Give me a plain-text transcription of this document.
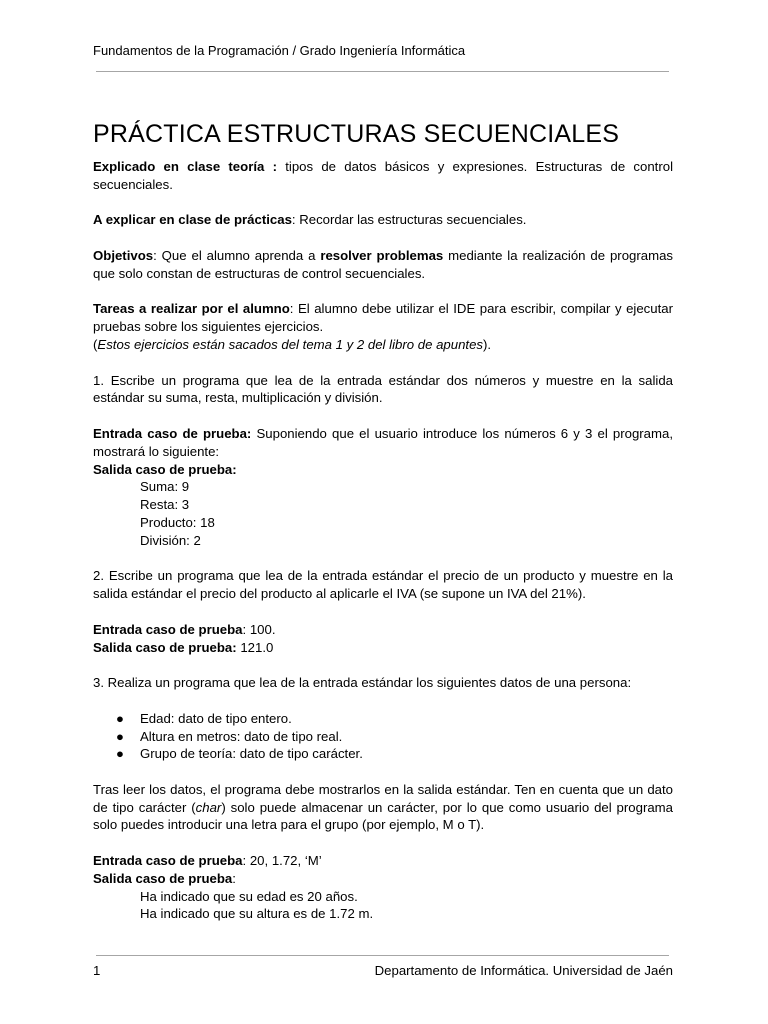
Fundamentos de la Programación / Grado Ingeniería Informática
PRÁCTICA ESTRUCTURAS SECUENCIALES

Explicado en clase teoría : tipos de datos básicos y expresiones. Estructuras de control secuenciales.

A explicar en clase de prácticas: Recordar las estructuras secuenciales.

Objetivos: Que el alumno aprenda a resolver problemas mediante la realización de programas que solo constan de estructuras de control secuenciales.

Tareas a realizar por el alumno: El alumno debe utilizar el IDE para escribir, compilar y ejecutar pruebas sobre los siguientes ejercicios.

(Estos ejercicios están sacados del tema 1 y 2 del libro de apuntes).

1. Escribe un programa que lea de la entrada estándar dos números y muestre en la salida estándar su suma, resta, multiplicación y división.

Entrada caso de prueba: Suponiendo que el usuario introduce los números 6 y 3 el programa, mostrará lo siguiente:

Salida caso de prueba:

Suma: 9

Resta: 3

Producto: 18

División: 2

2. Escribe un programa que lea de la entrada estándar el precio de un producto y muestre en la salida estándar el precio del producto al aplicarle el IVA (se supone un IVA del 21%).

Entrada caso de prueba: 100.

Salida caso de prueba: 121.0

3. Realiza un programa que lea de la entrada estándar los siguientes datos de una persona:

● Edad: dato de tipo entero.
● Altura en metros: dato de tipo real.
● Grupo de teoría: dato de tipo carácter.

Tras leer los datos, el programa debe mostrarlos en la salida estándar. Ten en cuenta que un dato de tipo carácter (char) solo puede almacenar un carácter, por lo que como usuario del programa solo puedes introducir una letra para el grupo (por ejemplo, M o T).

Entrada caso de prueba: 20, 1.72, ‘M’

Salida caso de prueba:

Ha indicado que su edad es 20 años.

Ha indicado que su altura es de 1.72 m.

1	Departamento de Informática. Universidad de Jaén
